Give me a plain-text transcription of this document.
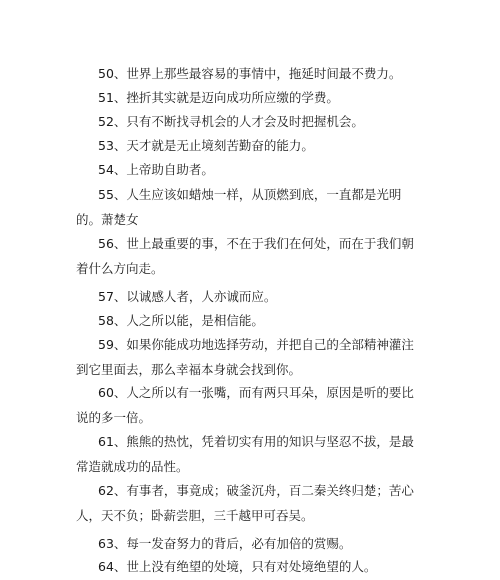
50、世界上那些最容易的事情中，拖延时间最不费力。

51、挫折其实就是迈向成功所应缴的学费。

52、只有不断找寻机会的人才会及时把握机会。

53、天才就是无止境刻苦勤奋的能力。

54、上帝助自助者。

55、人生应该如蜡烛一样，从顶燃到底，一直都是光明的。萧楚女

56、世上最重要的事，不在于我们在何处，而在于我们朝着什么方向走。

57、以诚感人者，人亦诚而应。

58、人之所以能，是相信能。

59、如果你能成功地选择劳动，并把自己的全部精神灌注到它里面去，那么幸福本身就会找到你。

60、人之所以有一张嘴，而有两只耳朵，原因是听的要比说的多一倍。

61、熊熊的热忱，凭着切实有用的知识与坚忍不拔，是最常造就成功的品性。

62、有事者，事竟成；破釜沉舟，百二秦关终归楚；苦心人，天不负；卧薪尝胆，三千越甲可吞吴。

63、每一发奋努力的背后，必有加倍的赏赐。

64、世上没有绝望的处境，只有对处境绝望的人。
